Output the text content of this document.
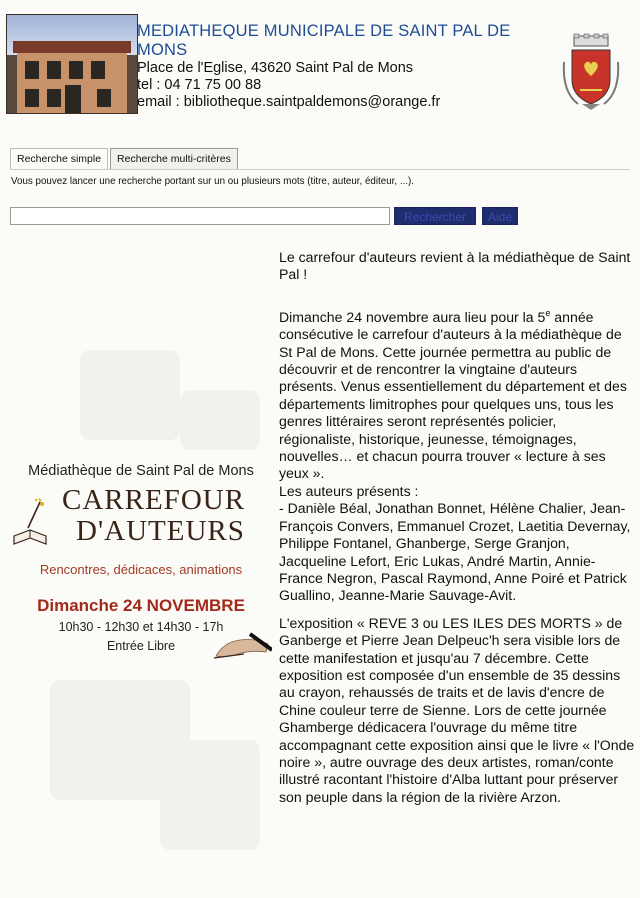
MEDIATHEQUE MUNICIPALE DE SAINT PAL DE MONS
Place de l'Eglise, 43620 Saint Pal de Mons
tel : 04 71 75 00 88
email : bibliotheque.saintpaldemons@orange.fr
Recherche simple Recherche multi-critères
Vous pouvez lancer une recherche portant sur un ou plusieurs mots (titre, auteur, éditeur, ...).
Rechercher	Aide
Médiathèque de Saint Pal de Mons
CARREFOUR
D'AUTEURS
Rencontres, dédicaces, animations
Dimanche 24 NOVEMBRE
10h30 - 12h30 et 14h30 - 17h
Entrée Libre

Le carrefour d'auteurs revient à la médiathèque de Saint Pal !

Dimanche 24 novembre aura lieu pour la 5e année consécutive le carrefour d'auteurs à la médiathèque de St Pal de Mons. Cette journée permettra au public de découvrir et de rencontrer la vingtaine d'auteurs présents. Venus essentiellement du département et des départements limitrophes pour quelques uns, tous les genres littéraires seront représentés policier, régionaliste, historique, jeunesse, témoignages, nouvelles… et chacun pourra trouver « lecture à ses yeux ».

Les auteurs présents :

- Danièle Béal, Jonathan Bonnet, Hélène Chalier, Jean-François Convers, Emmanuel Crozet, Laetitia Devernay, Philippe Fontanel, Ghanberge, Serge Granjon, Jacqueline Lefort, Eric Lukas, André Martin, Annie-France Negron, Pascal Raymond, Anne Poiré et Patrick Guallino, Jeanne-Marie Sauvage-Avit.

L'exposition « REVE 3 ou LES ILES DES MORTS » de Ganberge et Pierre Jean Delpeuc'h sera visible lors de cette manifestation et jusqu'au 7 décembre. Cette exposition est composée d'un ensemble de 35 dessins au crayon, rehaussés de traits et de lavis d'encre de Chine couleur terre de Sienne. Lors de cette journée Ghamberge dédicacera l'ouvrage du même titre accompagnant cette exposition ainsi que le livre « l'Onde noire », autre ouvrage des deux artistes, roman/conte illustré racontant l'histoire d'Alba luttant pour préserver son peuple dans la région de la rivière Arzon.
